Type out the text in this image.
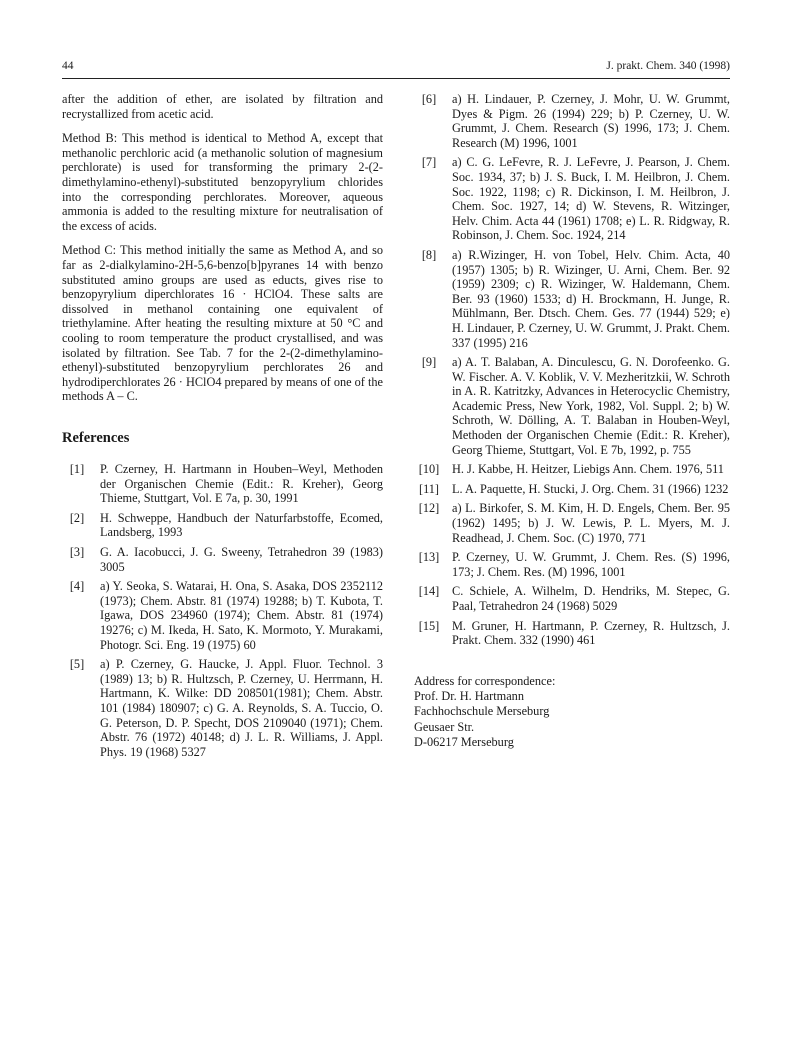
44	J. prakt. Chem. 340 (1998)

after the addition of ether, are isolated by filtration and recrystallized from acetic acid.

Method B: This method is identical to Method A, except that methanolic perchloric acid (a methanolic solution of magnesium perchlorate) is used for transforming the primary 2-(2-dimethylamino-ethenyl)-substituted benzopyrylium chlorides into the corresponding perchlorates. Moreover, aqueous ammonia is added to the resulting mixture for neutralisation of the excess of acids.

Method C: This method initially the same as Method A, and so far as 2-dialkylamino-2H-5,6-benzo[b]pyranes 14 with benzo substituted amino groups are used as educts, gives rise to benzopyrylium diperchlorates 16 · HClO4. These salts are dissolved in methanol containing one equivalent of triethylamine. After heating the resulting mixture at 50 °C and cooling to room temperature the product crystallised, and was isolated by filtration. See Tab. 7 for the 2-(2-dimethylamino-ethenyl)-substituted benzopyrylium perchlorates 26 and hydrodiperchlorates 26 · HClO4 prepared by means of one of the methods A – C.

References
[1]	P. Czerney, H. Hartmann in Houben–Weyl, Methoden der Organischen Chemie (Edit.: R. Kreher), Georg Thieme, Stuttgart, Vol. E 7a, p. 30, 1991
[2]	H. Schweppe, Handbuch der Naturfarbstoffe, Ecomed, Landsberg, 1993
[3]	G. A. Iacobucci, J. G. Sweeny, Tetrahedron 39 (1983) 3005
[4]	a) Y. Seoka, S. Watarai, H. Ona, S. Asaka, DOS 2352112 (1973); Chem. Abstr. 81 (1974) 19288; b) T. Kubota, T. Igawa, DOS 234960 (1974); Chem. Abstr. 81 (1974) 19276; c) M. Ikeda, H. Sato, K. Mormoto, Y. Murakami, Photogr. Sci. Eng. 19 (1975) 60
[5]	a) P. Czerney, G. Haucke, J. Appl. Fluor. Technol. 3 (1989) 13; b) R. Hultzsch, P. Czerney, U. Herrmann, H. Hartmann, K. Wilke: DD 208501(1981); Chem. Abstr. 101 (1984) 180907; c) G. A. Reynolds, S. A. Tuccio, O. G. Peterson, D. P. Specht, DOS 2109040 (1971); Chem. Abstr. 76 (1972) 40148; d) J. L. R. Williams, J. Appl. Phys. 19 (1968) 5327
[6]	a) H. Lindauer, P. Czerney, J. Mohr, U. W. Grummt, Dyes & Pigm. 26 (1994) 229; b) P. Czerney, U. W. Grummt, J. Chem. Research (S) 1996, 173; J. Chem. Research (M) 1996, 1001
[7]	a) C. G. LeFevre, R. J. LeFevre, J. Pearson, J. Chem. Soc. 1934, 37; b) J. S. Buck, I. M. Heilbron, J. Chem. Soc. 1922, 1198; c) R. Dickinson, I. M. Heilbron, J. Chem. Soc. 1927, 14; d) W. Stevens, R. Witzinger, Helv. Chim. Acta 44 (1961) 1708; e) L. R. Ridgway, R. Robinson, J. Chem. Soc. 1924, 214
[8]	a) R.Wizinger, H. von Tobel, Helv. Chim. Acta, 40 (1957) 1305; b) R. Wizinger, U. Arni, Chem. Ber. 92 (1959) 2309; c) R. Wizinger, W. Haldemann, Chem. Ber. 93 (1960) 1533; d) H. Brockmann, H. Junge, R. Mühlmann, Ber. Dtsch. Chem. Ges. 77 (1944) 529; e) H. Lindauer, P. Czerney, U. W. Grummt, J. Prakt. Chem. 337 (1995) 216
[9]	a) A. T. Balaban, A. Dinculescu, G. N. Dorofeenko. G. W. Fischer. A. V. Koblik, V. V. Mezheritzkii, W. Schroth in A. R. Katritzky, Advances in Heterocyclic Chemistry, Academic Press, New York, 1982, Vol. Suppl. 2; b) W. Schroth, W. Dölling, A. T. Balaban in Houben-Weyl, Methoden der Organischen Chemie (Edit.: R. Kreher), Georg Thieme, Stuttgart, Vol. E 7b, 1992, p. 755
[10]	H. J. Kabbe, H. Heitzer, Liebigs Ann. Chem. 1976, 511
[11]	L. A. Paquette, H. Stucki, J. Org. Chem. 31 (1966) 1232
[12]	a) L. Birkofer, S. M. Kim, H. D. Engels, Chem. Ber. 95 (1962) 1495; b) J. W. Lewis, P. L. Myers, M. J. Readhead, J. Chem. Soc. (C) 1970, 771
[13]	P. Czerney, U. W. Grummt, J. Chem. Res. (S) 1996, 173; J. Chem. Res. (M) 1996, 1001
[14]	C. Schiele, A. Wilhelm, D. Hendriks, M. Stepec, G. Paal, Tetrahedron 24 (1968) 5029
[15]	M. Gruner, H. Hartmann, P. Czerney, R. Hultzsch, J. Prakt. Chem. 332 (1990) 461
Address for correspondence:
Prof. Dr. H. Hartmann
Fachhochschule Merseburg
Geusaer Str.
D-06217 Merseburg
